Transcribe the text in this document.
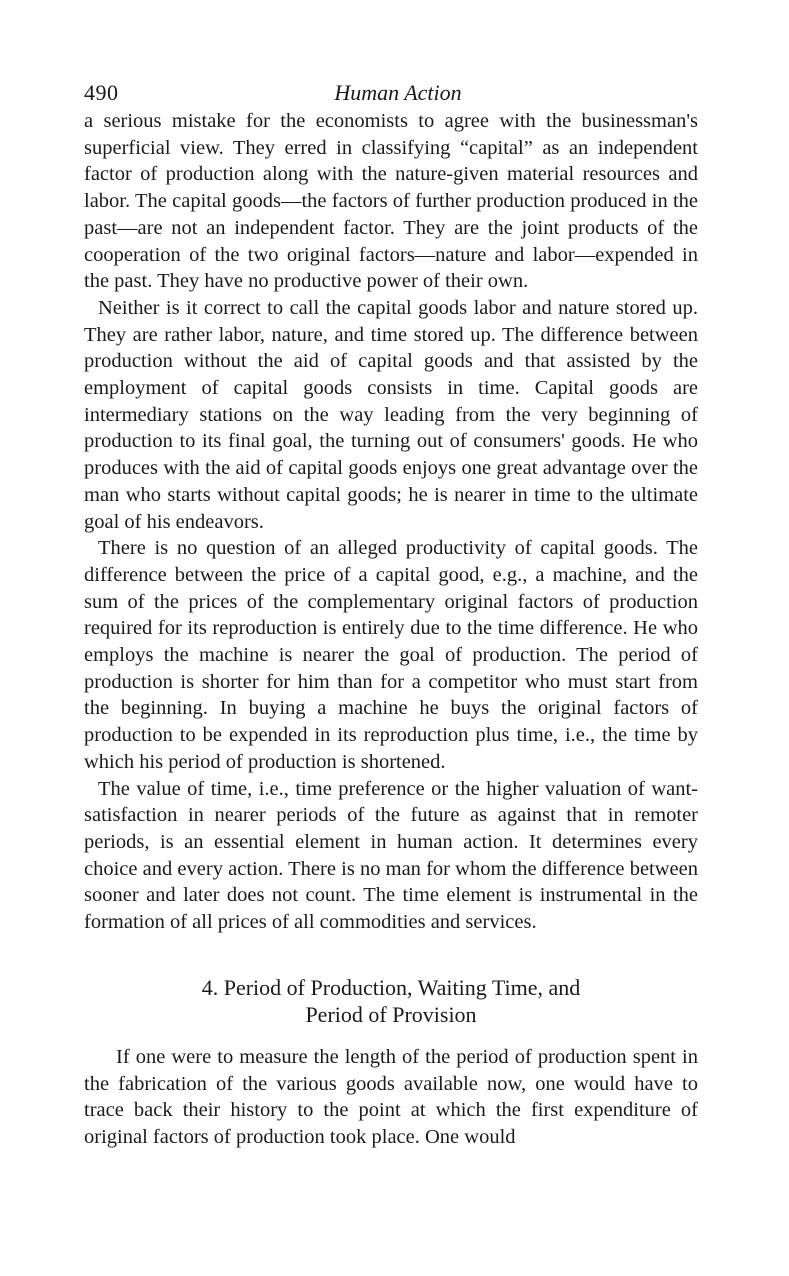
490	Human Action

a serious mistake for the economists to agree with the businessman's superficial view. They erred in classifying “capital” as an independent factor of production along with the nature-given material resources and labor. The capital goods—the factors of further production produced in the past—are not an independent factor. They are the joint products of the cooperation of the two original factors—nature and labor—expended in the past. They have no productive power of their own.

Neither is it correct to call the capital goods labor and nature stored up. They are rather labor, nature, and time stored up. The difference between production without the aid of capital goods and that assisted by the employment of capital goods consists in time. Capital goods are intermediary stations on the way leading from the very beginning of production to its final goal, the turning out of consumers' goods. He who produces with the aid of capital goods enjoys one great advantage over the man who starts without capital goods; he is nearer in time to the ultimate goal of his endeavors.

There is no question of an alleged productivity of capital goods. The difference between the price of a capital good, e.g., a machine, and the sum of the prices of the complementary original factors of production required for its reproduction is entirely due to the time difference. He who employs the machine is nearer the goal of production. The period of production is shorter for him than for a competitor who must start from the beginning. In buying a machine he buys the original factors of production to be expended in its reproduction plus time, i.e., the time by which his period of production is shortened.

The value of time, i.e., time preference or the higher valuation of want-satisfaction in nearer periods of the future as against that in remoter periods, is an essential element in human action. It determines every choice and every action. There is no man for whom the difference between sooner and later does not count. The time element is instrumental in the formation of all prices of all commodities and services.

4. Period of Production, Waiting Time, and
Period of Provision

If one were to measure the length of the period of production spent in the fabrication of the various goods available now, one would have to trace back their history to the point at which the first expenditure of original factors of production took place. One would
